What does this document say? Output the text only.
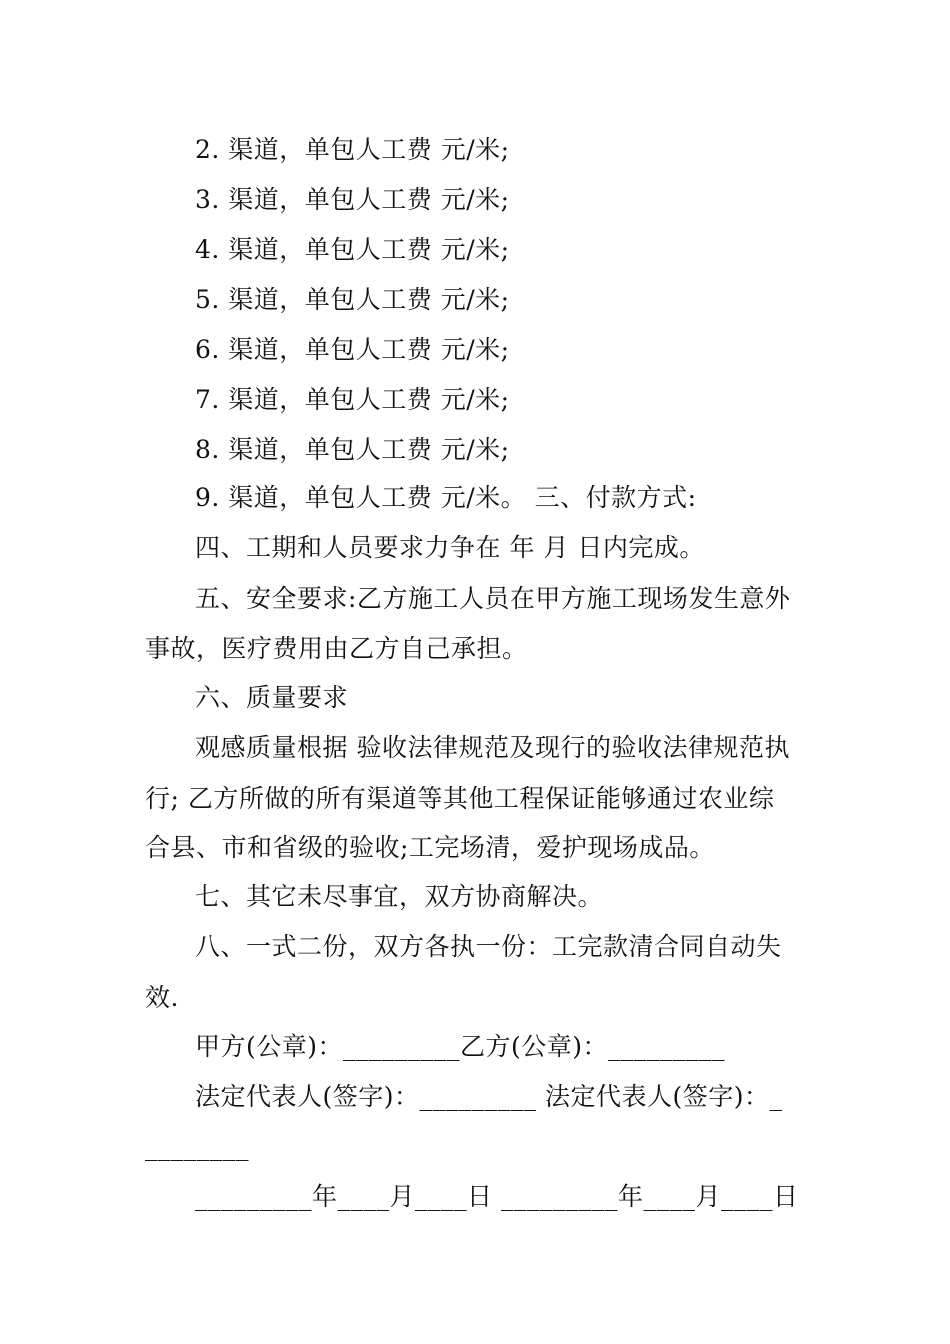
2. 渠道，单包人工费 元/米;
3. 渠道，单包人工费 元/米;
4. 渠道，单包人工费 元/米;
5. 渠道，单包人工费 元/米;
6. 渠道，单包人工费 元/米;
7. 渠道，单包人工费 元/米;
8. 渠道，单包人工费 元/米;
9. 渠道，单包人工费 元/米。 三、付款方式:
四、工期和人员要求力争在 年 月 日内完成。
五、安全要求:乙方施工人员在甲方施工现场发生意外
事故，医疗费用由乙方自己承担。
六、质量要求
观感质量根据 验收法律规范及现行的验收法律规范执
行; 乙方所做的所有渠道等其他工程保证能够通过农业综
合县、市和省级的验收;工完场清，爱护现场成品。
七、其它未尽事宜，双方协商解决。
八、一式二份，双方各执一份：工完款清合同自动失
效.
甲方(公章)：_________乙方(公章)：_________
法定代表人(签字)：_________ 法定代表人(签字)：_
________
_________年____月____日 _________年____月____日
